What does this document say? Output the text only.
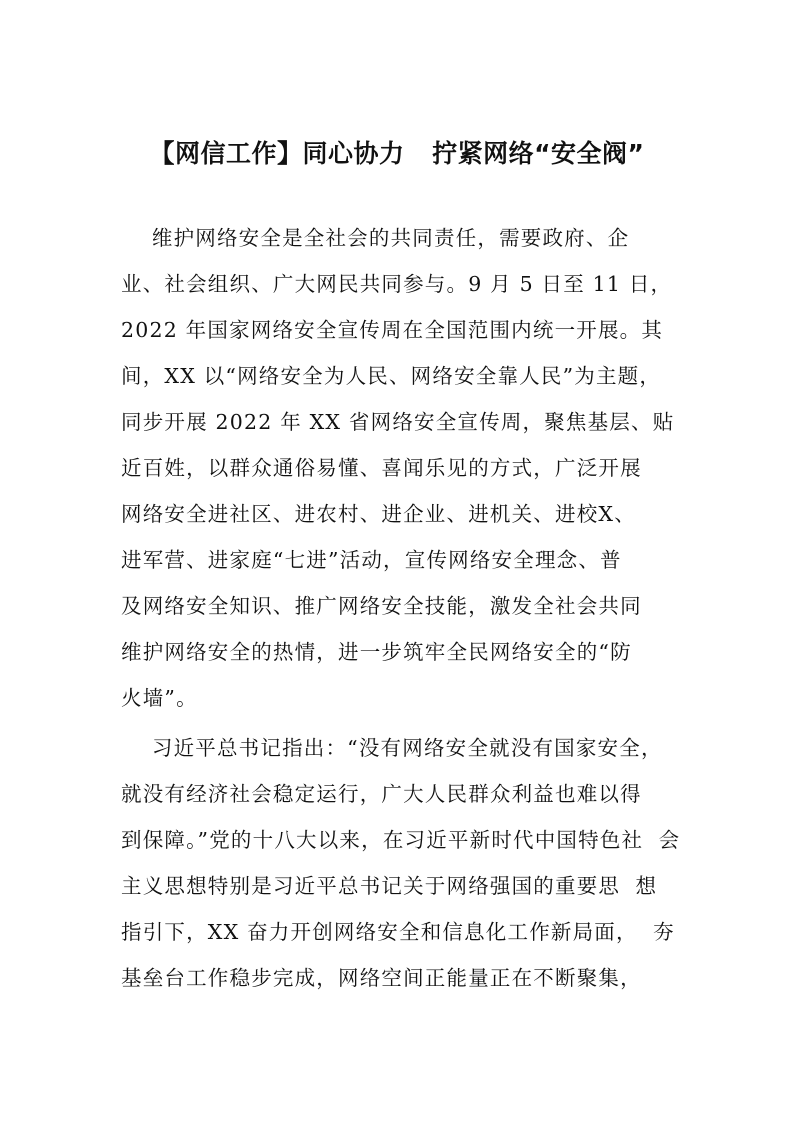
【网信工作】同心协力   拧紧网络“安全阀”
维护网络安全是全社会的共同责任，需要政府、企
业、社会组织、广大网民共同参与。9 月 5 日至 11 日，
2022 年国家网络安全宣传周在全国范围内统一开展。其
间，XX 以“网络安全为人民、网络安全靠人民”为主题，
同步开展 2022 年 XX 省网络安全宣传周，聚焦基层、贴
近百姓，以群众通俗易懂、喜闻乐见的方式，广泛开展
网络安全进社区、进农村、进企业、进机关、进校X、
进军营、进家庭“七进”活动，宣传网络安全理念、普
及网络安全知识、推广网络安全技能，激发全社会共同
维护网络安全的热情，进一步筑牢全民网络安全的“防
火墙”。
习近平总书记指出：“没有网络安全就没有国家安全，
就没有经济社会稳定运行，广大人民群众利益也难以得
到保障。”党的十八大以来，在习近平新时代中国特色社  会
主义思想特别是习近平总书记关于网络强国的重要思  想
指引下，XX 奋力开创网络安全和信息化工作新局面，  夯
基垒台工作稳步完成，网络空间正能量正在不断聚集，
